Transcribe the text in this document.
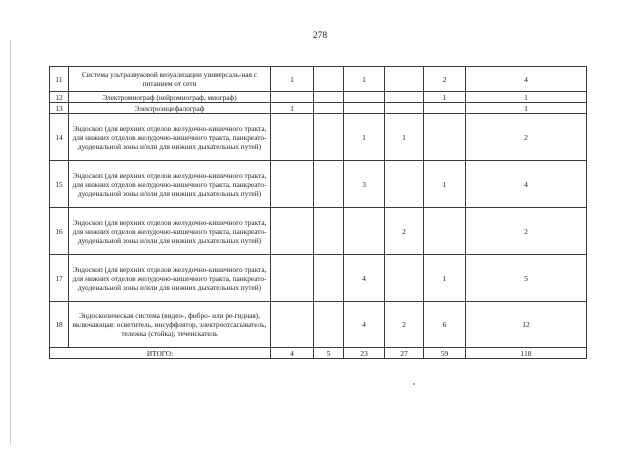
278
11	Система ультразвуковой визуализации универсаль-ная с питанием от сети	1		1		2	4
12	Электромиограф (нейромиограф, миограф)					1	1
13	Электроэнцефалограф	1					1
14	Эндоскоп (для верхних отделов желудочно-кишечного тракта, для нижних отделов желудочно-кишечного тракта, панкреато-дуоденальной зоны и/или для нижних дыхательных путей)			1	1		2
15	Эндоскоп (для верхних отделов желудочно-кишечного тракта, для нижних отделов желудочно-кишечного тракта, панкреато-дуоденальной зоны и/или для нижних дыхательных путей)			3		1	4
16	Эндоскоп (для верхних отделов желудочно-кишечного тракта, для нижних отделов желудочно-кишечного тракта, панкреато-дуоденальной зоны и/или для нижних дыхательных путей)				2		2
17	Эндоскоп (для верхних отделов желудочно-кишечного тракта, для нижних отделов желудочно-кишечного тракта, панкреато-дуоденальной зоны и/или для нижних дыхательных путей)			4		1	5
18	Эндоскопическая система (видео-, фибро- или ре-гидная), включающая: осветитель, инсуффлятор, электроотсасыватель, тележка (стойка); течеискатель			4	2	6	12
ИТОГО:		4	5	23	27	59	118
